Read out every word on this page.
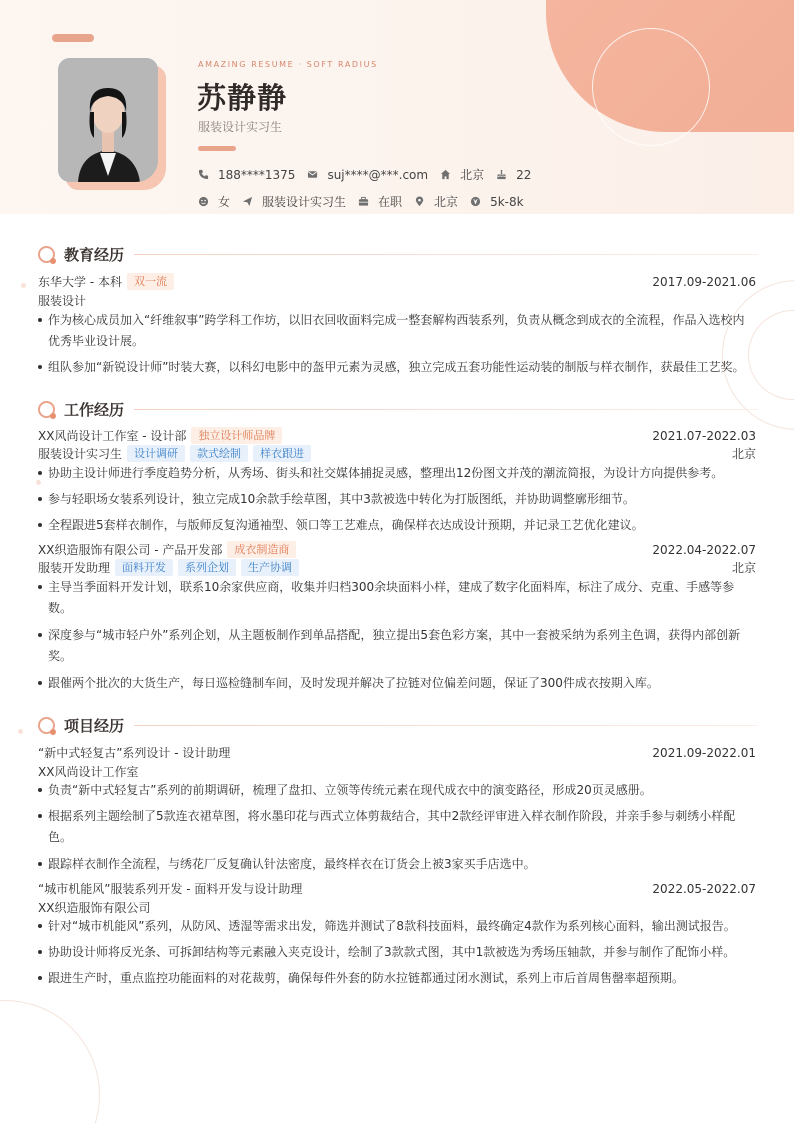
AMAZING RESUME · SOFT RADIUS
苏静静
服装设计实习生
188****1375	suj****@***.com	北京	22
女	服装设计实习生	在职	北京	5k-8k
教育经历
东华大学 - 本科	双一流	2017.09-2021.06
服装设计
作为核心成员加入“纤维叙事”跨学科工作坊，以旧衣回收面料完成一整套解构西装系列，负责从概念到成衣的全流程，作品入选校内优秀毕业设计展。
组队参加“新锐设计师”时装大赛，以科幻电影中的盔甲元素为灵感，独立完成五套功能性运动装的制版与样衣制作，获最佳工艺奖。
工作经历
XX风尚设计工作室 - 设计部	独立设计师品牌	2021.07-2022.03
服装设计实习生	设计调研	款式绘制	样衣跟进	北京
协助主设计师进行季度趋势分析，从秀场、街头和社交媒体捕捉灵感，整理出12份图文并茂的潮流简报，为设计方向提供参考。
参与轻职场女装系列设计，独立完成10余款手绘草图，其中3款被选中转化为打版图纸，并协助调整廓形细节。
全程跟进5套样衣制作，与版师反复沟通袖型、领口等工艺难点，确保样衣达成设计预期，并记录工艺优化建议。
XX织造服饰有限公司 - 产品开发部	成衣制造商	2022.04-2022.07
服装开发助理	面料开发	系列企划	生产协调	北京
主导当季面料开发计划，联系10余家供应商，收集并归档300余块面料小样，建成了数字化面料库，标注了成分、克重、手感等参数。
深度参与“城市轻户外”系列企划，从主题板制作到单品搭配，独立提出5套色彩方案，其中一套被采纳为系列主色调，获得内部创新奖。
跟催两个批次的大货生产，每日巡检缝制车间，及时发现并解决了拉链对位偏差问题，保证了300件成衣按期入库。
项目经历
“新中式轻复古”系列设计 - 设计助理	2021.09-2022.01
XX风尚设计工作室
负责“新中式轻复古”系列的前期调研，梳理了盘扣、立领等传统元素在现代成衣中的演变路径，形成20页灵感册。
根据系列主题绘制了5款连衣裙草图，将水墨印花与西式立体剪裁结合，其中2款经评审进入样衣制作阶段，并亲手参与刺绣小样配色。
跟踪样衣制作全流程，与绣花厂反复确认针法密度，最终样衣在订货会上被3家买手店选中。
“城市机能风”服装系列开发 - 面料开发与设计助理	2022.05-2022.07
XX织造服饰有限公司
针对“城市机能风”系列，从防风、透湿等需求出发，筛选并测试了8款科技面料，最终确定4款作为系列核心面料，输出测试报告。
协助设计师将反光条、可拆卸结构等元素融入夹克设计，绘制了3款款式图，其中1款被选为秀场压轴款，并参与制作了配饰小样。
跟进生产时，重点监控功能面料的对花裁剪，确保每件外套的防水拉链都通过闭水测试，系列上市后首周售罄率超预期。
